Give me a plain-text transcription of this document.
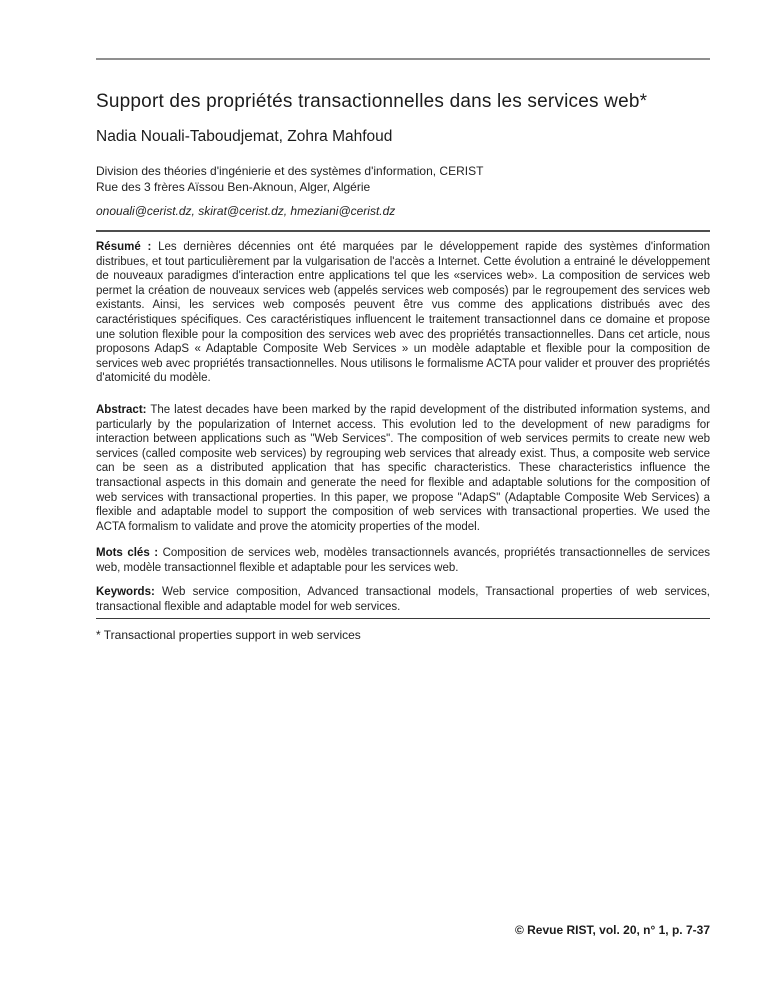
Support des propriétés transactionnelles dans les services web*
Nadia Nouali-Taboudjemat, Zohra Mahfoud
Division des théories d'ingénierie et des systèmes d'information, CERIST
Rue des 3 frères Aïssou Ben-Aknoun, Alger, Algérie
onouali@cerist.dz, skirat@cerist.dz, hmeziani@cerist.dz

Résumé : Les dernières décennies ont été marquées par le développement rapide des systèmes d'information distribues, et tout particulièrement par la vulgarisation de l'accès a Internet. Cette évolution a entrainé le développement de nouveaux paradigmes d'interaction entre applications tel que les «services web». La composition de services web permet la création de nouveaux services web (appelés services web composés) par le regroupement des services web existants. Ainsi, les services web composés peuvent être vus comme des applications distribués avec des caractéristiques spécifiques. Ces caractéristiques influencent le traitement transactionnel dans ce domaine et propose une solution flexible pour la composition des services web avec des propriétés transactionnelles. Dans cet article, nous proposons AdapS « Adaptable Composite Web Services » un modèle adaptable et flexible pour la composition de services web avec propriétés transactionnelles. Nous utilisons le formalisme ACTA pour valider et prouver des propriétés d'atomicité du modèle.

Abstract: The latest decades have been marked by the rapid development of the distributed information systems, and particularly by the popularization of Internet access. This evolution led to the development of new paradigms for interaction between applications such as "Web Services". The composition of web services permits to create new web services (called composite web services) by regrouping web services that already exist. Thus, a composite web service can be seen as a distributed application that has specific characteristics. These characteristics influence the transactional aspects in this domain and generate the need for flexible and adaptable solutions for the composition of web services with transactional properties. In this paper, we propose "AdapS" (Adaptable Composite Web Services) a flexible and adaptable model to support the composition of web services with transactional properties. We used the ACTA formalism to validate and prove the atomicity properties of the model.

Mots clés : Composition de services web, modèles transactionnels avancés, propriétés transactionnelles de services web, modèle transactionnel flexible et adaptable pour les services web.

Keywords: Web service composition, Advanced transactional models, Transactional properties of web services, transactional flexible and adaptable model for web services.

* Transactional properties support in web services
© Revue RIST, vol. 20, n° 1, p. 7-37
